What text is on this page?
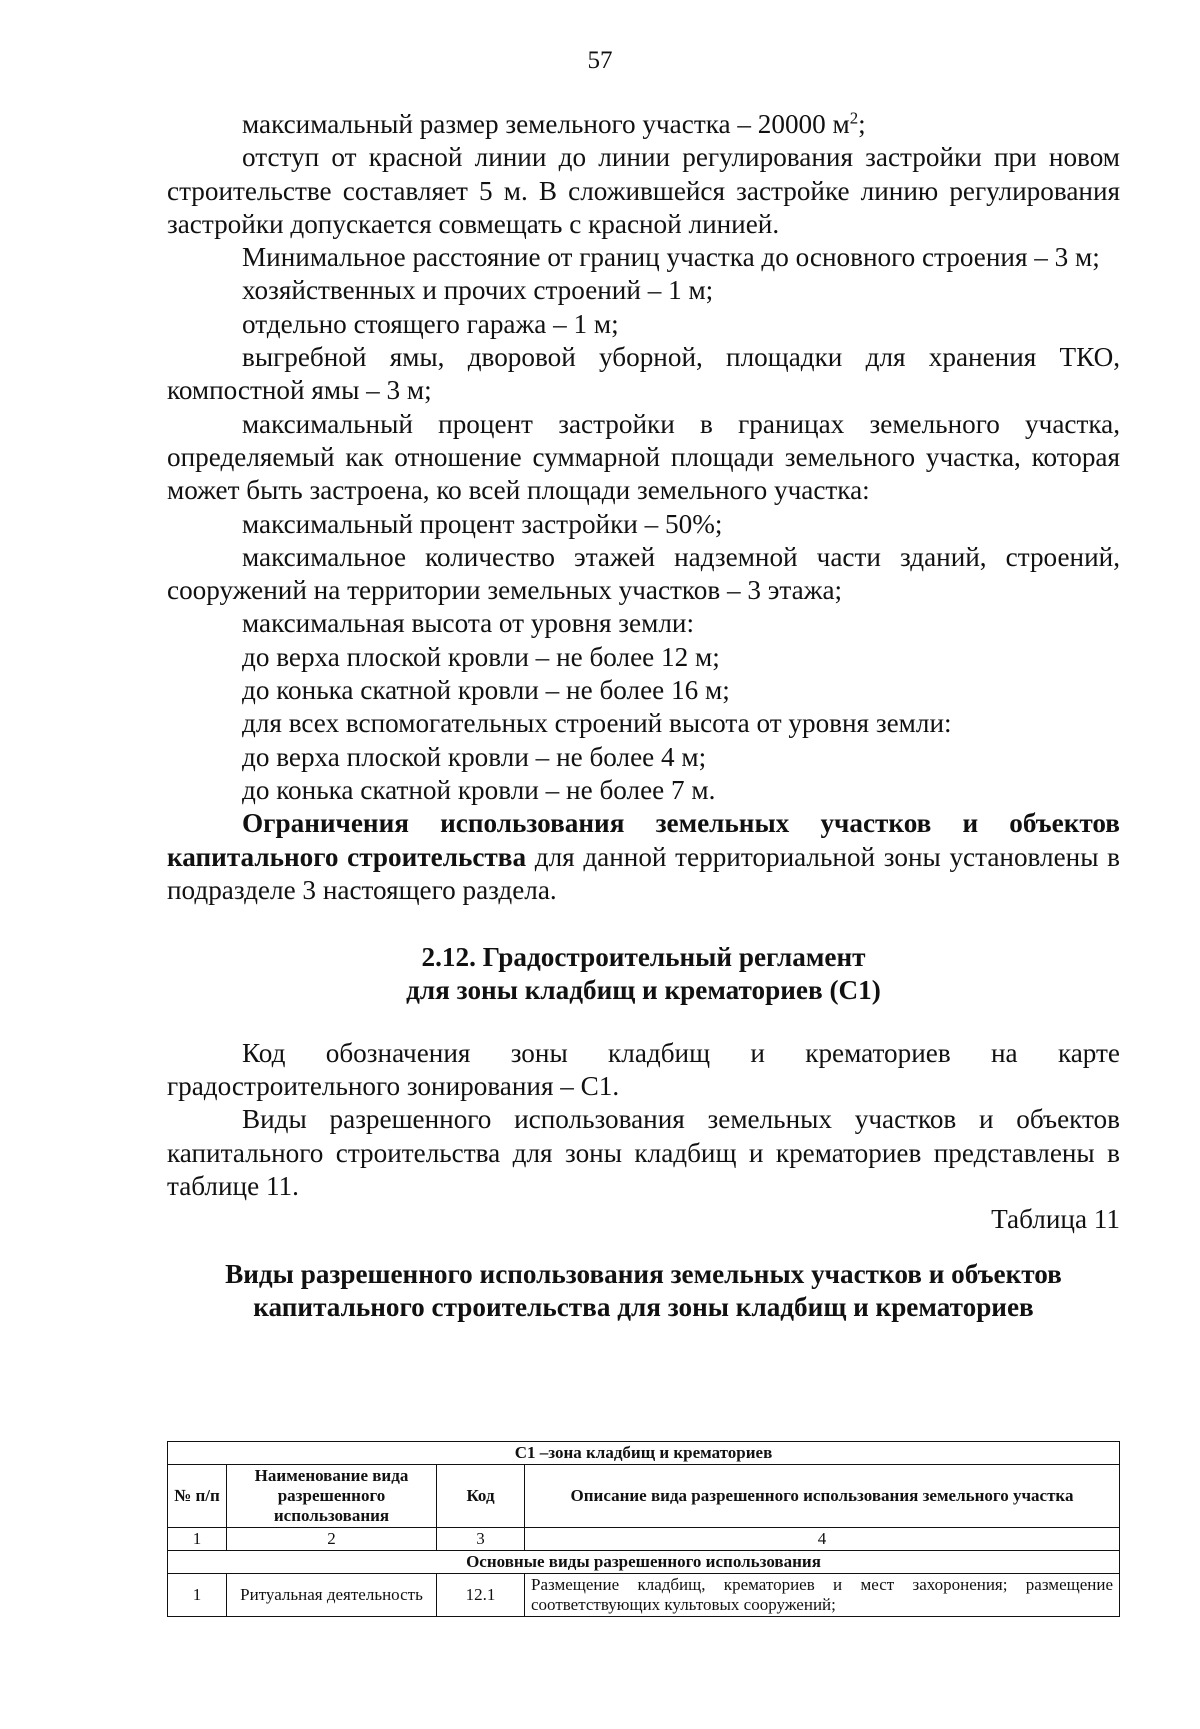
57

максимальный размер земельного участка – 20000 $м^2$;

отступ от красной линии до линии регулирования застройки при новом строительстве составляет 5 м. В сложившейся застройке линию регулирования застройки допускается совмещать с красной линией.

Минимальное расстояние от границ участка до основного строения – 3 м;

хозяйственных и прочих строений – 1 м;

отдельно стоящего гаража – 1 м;

выгребной ямы, дворовой уборной, площадки для хранения ТКО, компостной ямы – 3 м;

максимальный процент застройки в границах земельного участка, определяемый как отношение суммарной площади земельного участка, которая может быть застроена, ко всей площади земельного участка:

максимальный процент застройки – 50%;

максимальное количество этажей надземной части зданий, строений, сооружений на территории земельных участков – 3 этажа;

максимальная высота от уровня земли:

до верха плоской кровли – не более 12 м;

до конька скатной кровли – не более 16 м;

для всех вспомогательных строений высота от уровня земли:

до верха плоской кровли – не более 4 м;

до конька скатной кровли – не более 7 м.

Ограничения использования земельных участков и объектов капитального строительства для данной территориальной зоны установлены в подразделе 3 настоящего раздела.

2.12. Градостроительный регламент

для зоны кладбищ и крематориев (С1)

Код обозначения зоны кладбищ и крематориев на карте градостроительного зонирования – С1.

Виды разрешенного использования земельных участков и объектов капитального строительства для зоны кладбищ и крематориев представлены в таблице 11.

Таблица 11

Виды разрешенного использования земельных участков и объектов

капитального строительства для зоны кладбищ и крематориев

С1 –зона кладбищ и крематориев			
№ п/п	Наименование вида разрешенного использования	Код	Описание вида разрешенного использования земельного участка
1	2	3	4
Основные виды разрешенного использования			
1	Ритуальная деятельность	12.1	Размещение кладбищ, крематориев и мест захоронения; размещение соответствующих культовых сооружений;
